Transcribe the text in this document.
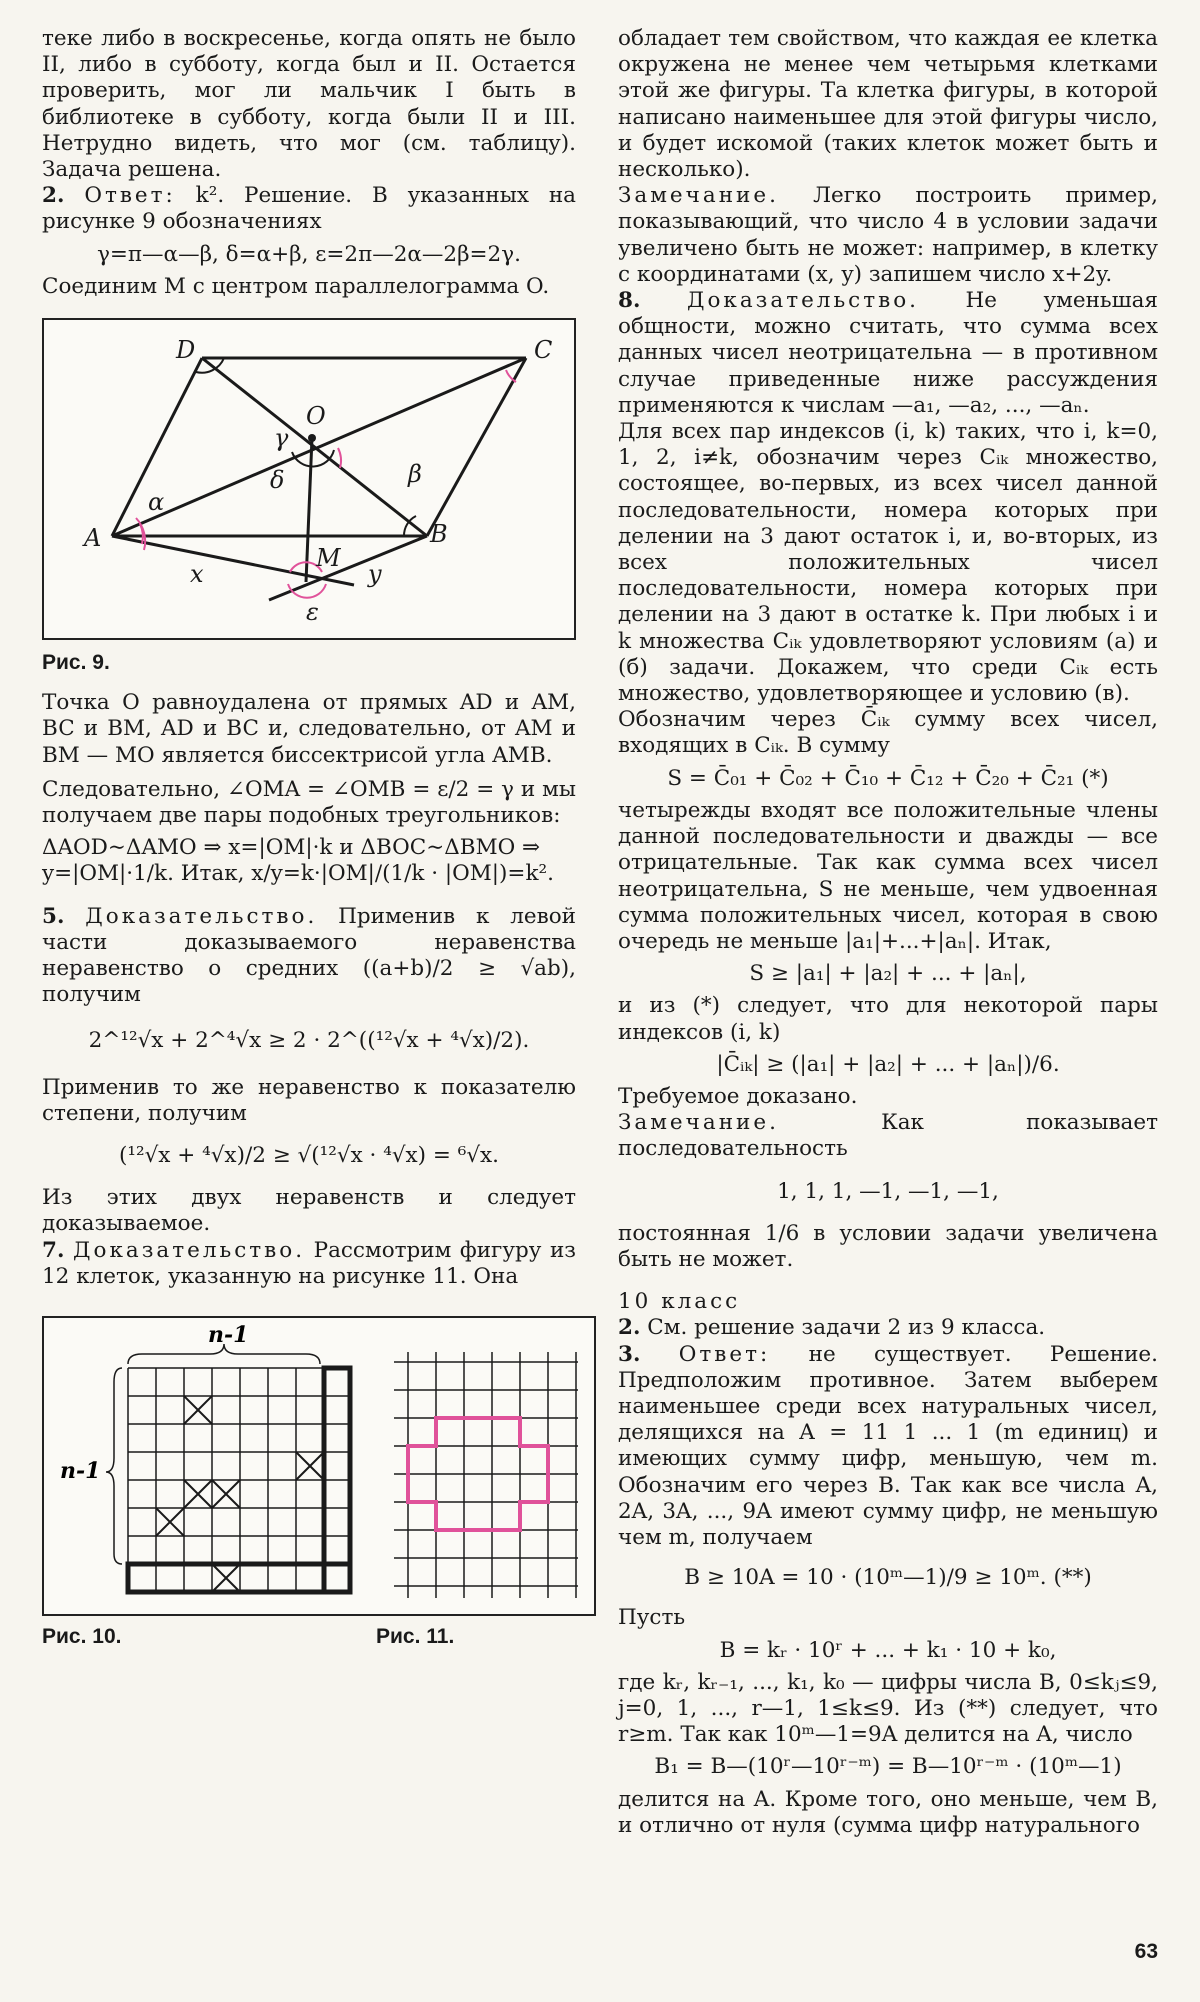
теке либо в воскресенье, когда опять не было II, либо в субботу, когда был и II. Остается проверить, мог ли мальчик I быть в библиотеке в субботу, когда были II и III. Нетрудно видеть, что мог (см. таблицу). Задача решена.

2. Ответ: k². Решение. В указанных на рисунке 9 обозначениях

γ=π—α—β, δ=α+β, ε=2π—2α—2β=2γ.

Соединим M с центром параллелограмма O.

D	C
O
A	B
M
α
β
γ
δ
ε
x	y
Рис. 9.

Точка O равноудалена от прямых AD и AM, BC и BM, AD и BC и, следовательно, от AM и BM — MO является биссектрисой угла AMB.

Следовательно, ∠OMA = ∠OMB = ε/2 = γ и мы получаем две пары подобных треугольников:

ΔAOD∼ΔAMO ⇒ x=|OM|·k и ΔBOC∼ΔBMO ⇒ y=|OM|·1/k. Итак, x/y=k·|OM|/(1/k · |OM|)=k².

5. Доказательство. Применив к левой части доказываемого неравенства неравенство о средних ((a+b)/2 ≥ √ab), получим

2^¹²√x + 2^⁴√x ≥ 2 · 2^((¹²√x + ⁴√x)/2).

Применив то же неравенство к показателю степени, получим

(¹²√x + ⁴√x)/2 ≥ √(¹²√x · ⁴√x) = ⁶√x.

Из этих двух неравенств и следует доказываемое.

7. Доказательство. Рассмотрим фигуру из 12 клеток, указанную на рисунке 11. Она

n-1
n-1
Рис. 10.	Рис. 11.

обладает тем свойством, что каждая ее клетка окружена не менее чем четырьмя клетками этой же фигуры. Та клетка фигуры, в которой написано наименьшее для этой фигуры число, и будет искомой (таких клеток может быть и несколько).

Замечание. Легко построить пример, показывающий, что число 4 в условии задачи увеличено быть не может: например, в клетку с координатами (x, y) запишем число x+2y.

8. Доказательство. Не уменьшая общности, можно считать, что сумма всех данных чисел неотрицательна — в противном случае приведенные ниже рассуждения применяются к числам —a₁, —a₂, ..., —aₙ.

Для всех пар индексов (i, k) таких, что i, k=0, 1, 2, i≠k, обозначим через Cᵢₖ множество, состоящее, во-первых, из всех чисел данной последовательности, номера которых при делении на 3 дают остаток i, и, во-вторых, из всех положительных чисел последовательности, номера которых при делении на 3 дают в остатке k. При любых i и k множества Cᵢₖ удовлетворяют условиям (а) и (б) задачи. Докажем, что среди Cᵢₖ есть множество, удовлетворяющее и условию (в).

Обозначим через C̄ᵢₖ сумму всех чисел, входящих в Cᵢₖ. В сумму

S = C̄₀₁ + C̄₀₂ + C̄₁₀ + C̄₁₂ + C̄₂₀ + C̄₂₁ (*)

четырежды входят все положительные члены данной последовательности и дважды — все отрицательные. Так как сумма всех чисел неотрицательна, S не меньше, чем удвоенная сумма положительных чисел, которая в свою очередь не меньше |a₁|+...+|aₙ|. Итак,

S ≥ |a₁| + |a₂| + ... + |aₙ|,

и из (*) следует, что для некоторой пары индексов (i, k)

|C̄ᵢₖ| ≥ (|a₁| + |a₂| + ... + |aₙ|)/6.

Требуемое доказано.

Замечание.	Как показывает последовательность

1, 1, 1, —1, —1, —1,

постоянная 1/6 в условии задачи увеличена быть не может.

10 класс

2. См. решение задачи 2 из 9 класса.

3. Ответ: не существует. Решение. Предположим противное. Затем выберем наименьшее среди всех натуральных чисел, делящихся на A = 11 1 ... 1 (m единиц) и имеющих сумму цифр, меньшую, чем m. Обозначим его через B. Так как все числа A, 2A, 3A, ..., 9A имеют сумму цифр, не меньшую чем m, получаем

B ≥ 10A = 10 · (10ᵐ—1)/9 ≥ 10ᵐ. (**)

Пусть

B = kᵣ · 10ʳ + ... + k₁ · 10 + k₀,

где kᵣ, kᵣ₋₁, ..., k₁, k₀ — цифры числа B, 0≤kⱼ≤9, j=0, 1, ..., r—1, 1≤k≤9. Из (**) следует, что r≥m. Так как 10ᵐ—1=9A делится на A, число

B₁ = B—(10ʳ—10ʳ⁻ᵐ) = B—10ʳ⁻ᵐ · (10ᵐ—1)

делится на A. Кроме того, оно меньше, чем B, и отлично от нуля (сумма цифр натурального

63
